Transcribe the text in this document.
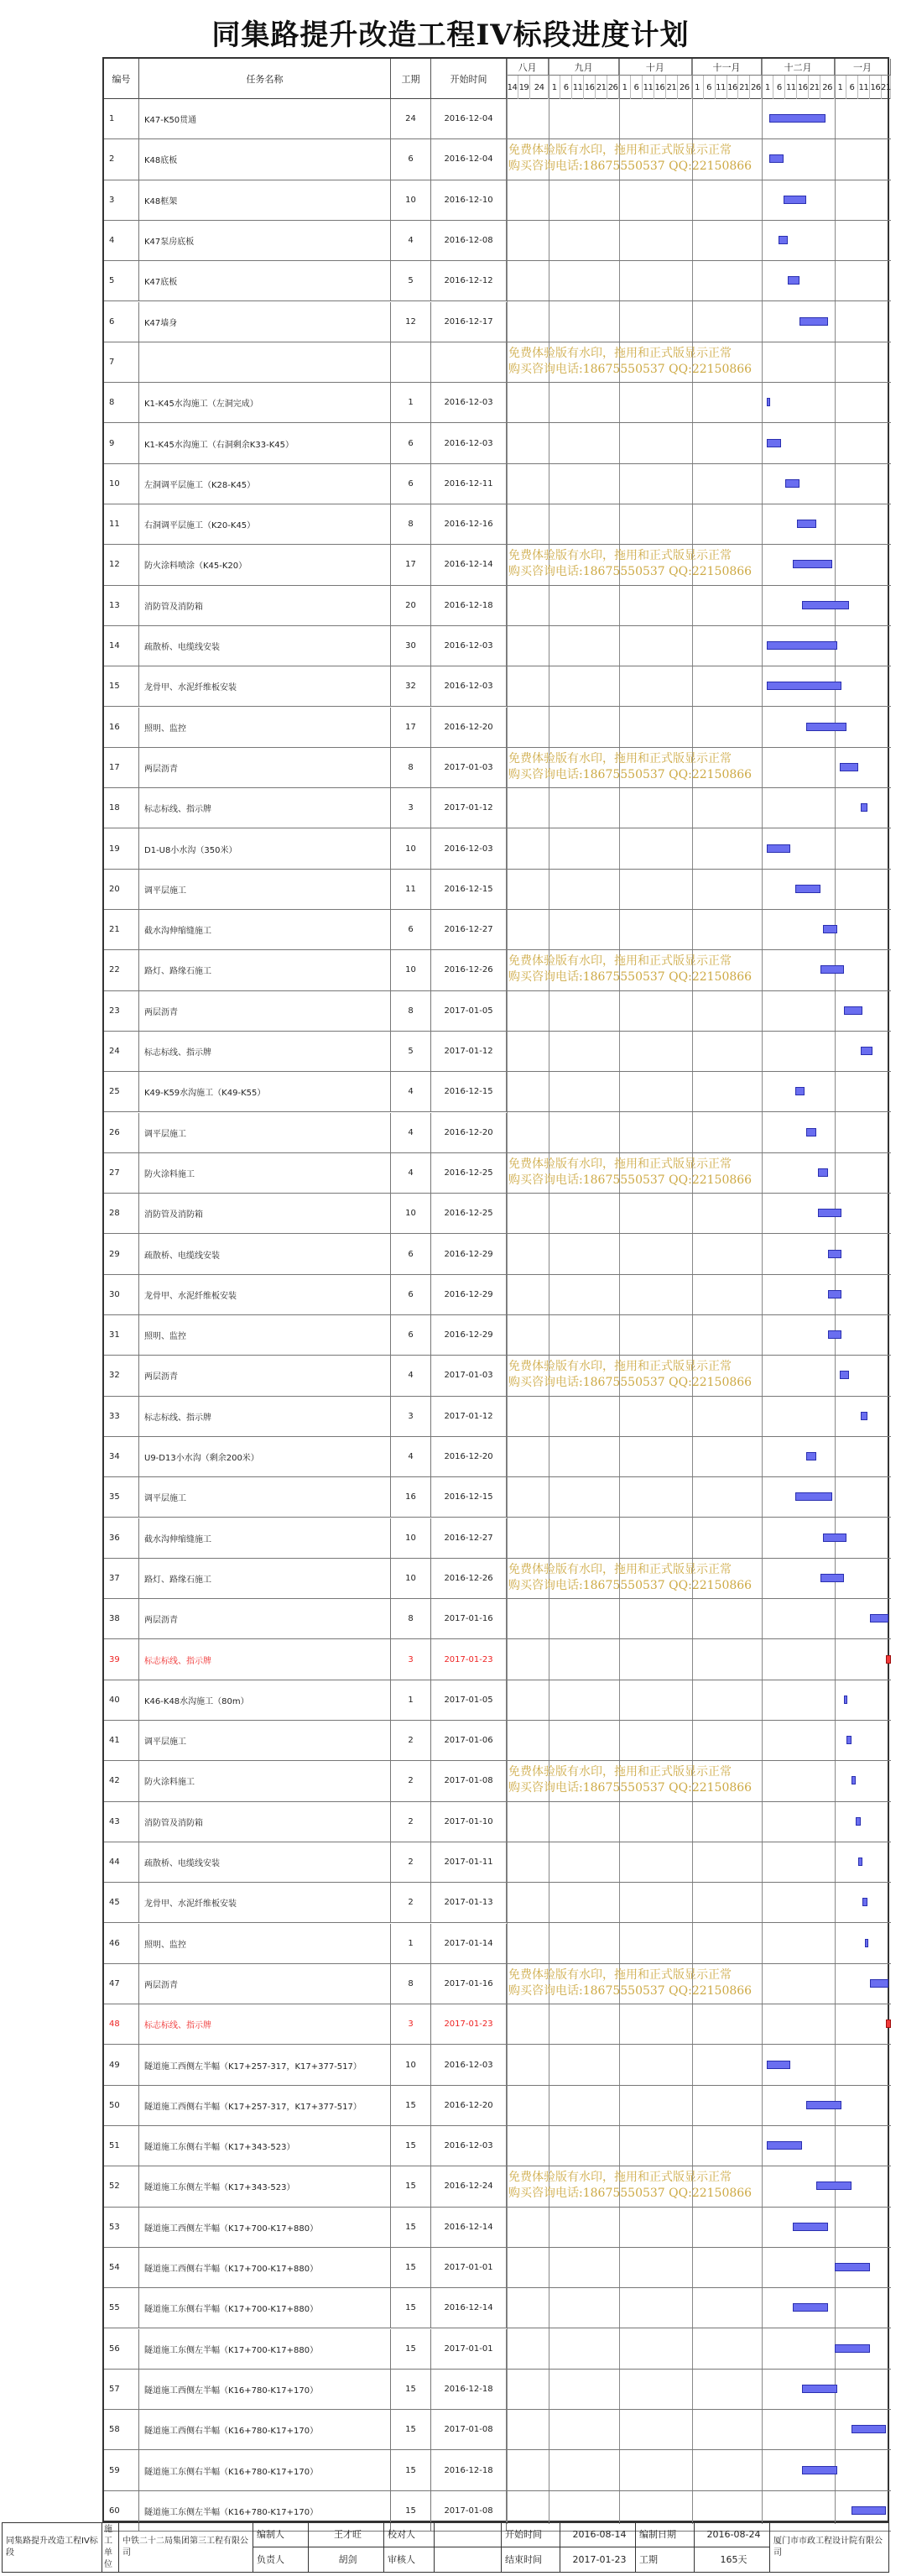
同集路提升改造工程IV标段进度计划
编号	任务名称	工期	开始时间
八月
14 19 24
九月
1 6 11 16 21 26
十月
1 6 11 16 21 26
十一月
1 6 11 16 21 26
十二月
1 6 11 16 21 26
一月
1 6 11 16 21
1	K47-K50贯通	24	2016-12-04
2	K48底板	6	2016-12-04
3	K48框架	10	2016-12-10
4	K47泵房底板	4	2016-12-08
5	K47底板	5	2016-12-12
6	K47墙身	12	2016-12-17
7
8	K1-K45水沟施工（左洞完成）	1	2016-12-03
9	K1-K45水沟施工（右洞剩余K33-K45）	6	2016-12-03
10	左洞调平层施工（K28-K45）	6	2016-12-11
11	右洞调平层施工（K20-K45）	8	2016-12-16
12	防火涂料喷涂（K45-K20）	17	2016-12-14
13	消防管及消防箱	20	2016-12-18
14	疏散桥、电缆线安装	30	2016-12-03
15	龙骨甲、水泥纤维板安装	32	2016-12-03
16	照明、监控	17	2016-12-20
17	两层沥青	8	2017-01-03
18	标志标线、指示牌	3	2017-01-12
19	D1-U8小水沟（350米）	10	2016-12-03
20	调平层施工	11	2016-12-15
21	截水沟伸缩缝施工	6	2016-12-27
22	路灯、路缘石施工	10	2016-12-26
23	两层沥青	8	2017-01-05
24	标志标线、指示牌	5	2017-01-12
25	K49-K59水沟施工（K49-K55）	4	2016-12-15
26	调平层施工	4	2016-12-20
27	防火涂料施工	4	2016-12-25
28	消防管及消防箱	10	2016-12-25
29	疏散桥、电缆线安装	6	2016-12-29
30	龙骨甲、水泥纤维板安装	6	2016-12-29
31	照明、监控	6	2016-12-29
32	两层沥青	4	2017-01-03
33	标志标线、指示牌	3	2017-01-12
34	U9-D13小水沟（剩余200米）	4	2016-12-20
35	调平层施工	16	2016-12-15
36	截水沟伸缩缝施工	10	2016-12-27
37	路灯、路缘石施工	10	2016-12-26
38	两层沥青	8	2017-01-16
39	标志标线、指示牌	3	2017-01-23
40	K46-K48水沟施工（80m）	1	2017-01-05
41	调平层施工	2	2017-01-06
42	防火涂料施工	2	2017-01-08
43	消防管及消防箱	2	2017-01-10
44	疏散桥、电缆线安装	2	2017-01-11
45	龙骨甲、水泥纤维板安装	2	2017-01-13
46	照明、监控	1	2017-01-14
47	两层沥青	8	2017-01-16
48	标志标线、指示牌	3	2017-01-23
49	隧道施工西侧左半幅（K17+257-317，K17+377-517）	10	2016-12-03
50	隧道施工西侧右半幅（K17+257-317，K17+377-517）	15	2016-12-20
51	隧道施工东侧右半幅（K17+343-523）	15	2016-12-03
52	隧道施工东侧左半幅（K17+343-523）	15	2016-12-24
53	隧道施工西侧左半幅（K17+700-K17+880）	15	2016-12-14
54	隧道施工西侧右半幅（K17+700-K17+880）	15	2017-01-01
55	隧道施工东侧右半幅（K17+700-K17+880）	15	2016-12-14
56	隧道施工东侧左半幅（K17+700-K17+880）	15	2017-01-01
57	隧道施工西侧左半幅（K16+780-K17+170）	15	2016-12-18
58	隧道施工西侧右半幅（K16+780-K17+170）	15	2017-01-08
59	隧道施工东侧右半幅（K16+780-K17+170）	15	2016-12-18
60	隧道施工东侧左半幅（K16+780-K17+170）	15	2017-01-08
免费体验版有水印，拖用和正式版显示正常
购买咨询电话:18675550537 QQ:22150866
免费体验版有水印，拖用和正式版显示正常
购买咨询电话:18675550537 QQ:22150866
免费体验版有水印，拖用和正式版显示正常
购买咨询电话:18675550537 QQ:22150866
免费体验版有水印，拖用和正式版显示正常
购买咨询电话:18675550537 QQ:22150866
免费体验版有水印，拖用和正式版显示正常
购买咨询电话:18675550537 QQ:22150866
免费体验版有水印，拖用和正式版显示正常
购买咨询电话:18675550537 QQ:22150866
免费体验版有水印，拖用和正式版显示正常
购买咨询电话:18675550537 QQ:22150866
免费体验版有水印，拖用和正式版显示正常
购买咨询电话:18675550537 QQ:22150866
免费体验版有水印，拖用和正式版显示正常
购买咨询电话:18675550537 QQ:22150866
免费体验版有水印，拖用和正式版显示正常
购买咨询电话:18675550537 QQ:22150866
免费体验版有水印，拖用和正式版显示正常
购买咨询电话:18675550537 QQ:22150866
同集路提升改造工程IV标段
施工单位
中铁二十二局集团第三工程有限公司
编制人	王才旺	校对人
负责人	胡剑	审核人
开始时间	2016-08-14	编制日期	2016-08-24
结束时间	2017-01-23	工期	165天
厦门市市政工程设计院有限公司
